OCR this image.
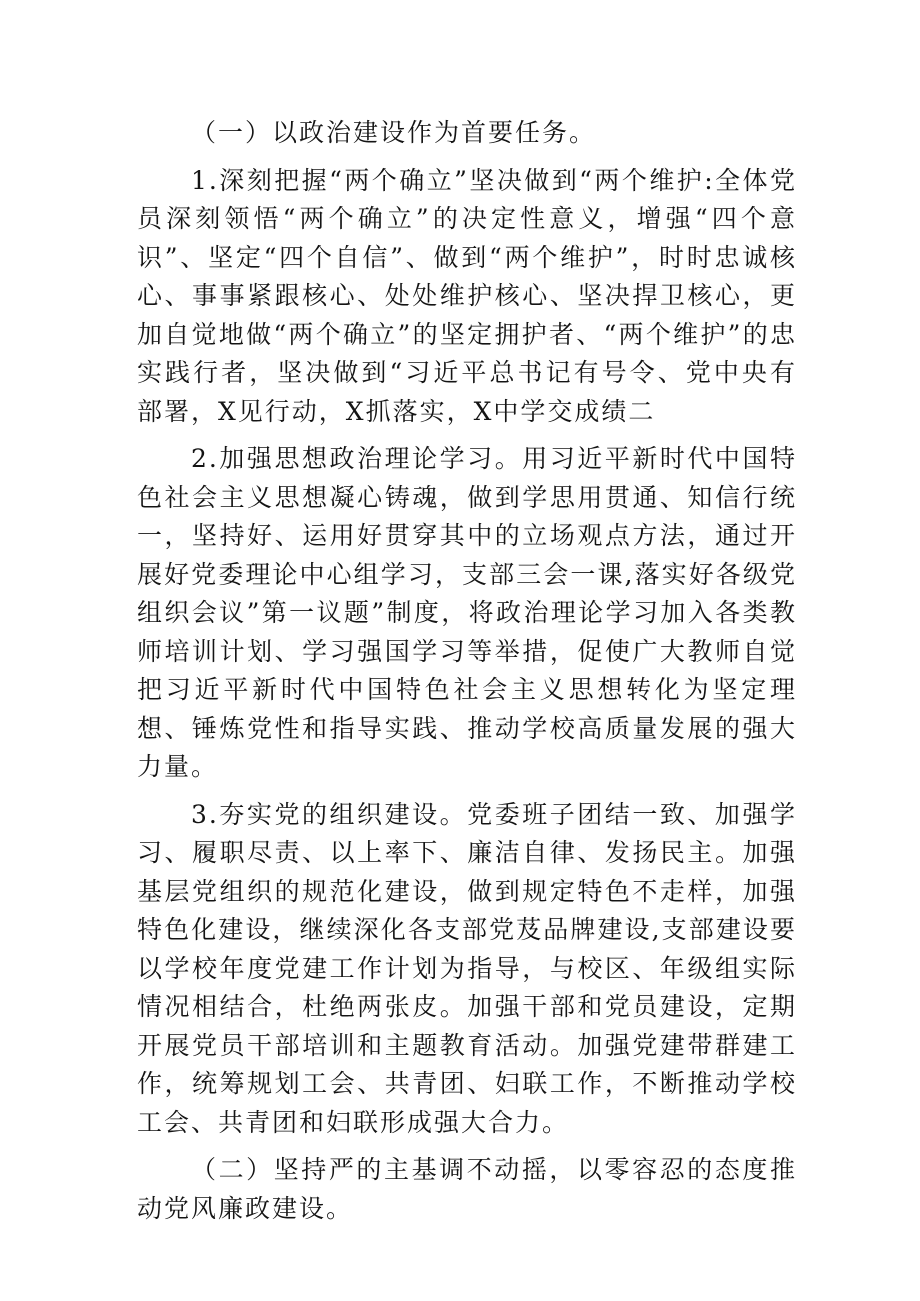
（一）以政治建设作为首要任务。

1.深刻把握“两个确立”坚决做到“两个维护:全体党员深刻领悟“两个确立”的决定性意义，增强“四个意识”、坚定“四个自信”、做到“两个维护”，时时忠诚核心、事事紧跟核心、处处维护核心、坚决捍卫核心，更加自觉地做“两个确立”的坚定拥护者、“两个维护”的忠实践行者，坚决做到“习近平总书记有号令、党中央有部署，X见行动，X抓落实，X中学交成绩二

2.加强思想政治理论学习。用习近平新时代中国特色社会主义思想凝心铸魂，做到学思用贯通、知信行统一，坚持好、运用好贯穿其中的立场观点方法，通过开展好党委理论中心组学习，支部三会一课,落实好各级党组织会议”第一议题”制度，将政治理论学习加入各类教师培训计划、学习强国学习等举措，促使广大教师自觉把习近平新时代中国特色社会主义思想转化为坚定理想、锤炼党性和指导实践、推动学校高质量发展的强大力量。

3.夯实党的组织建设。党委班子团结一致、加强学习、履职尽责、以上率下、廉洁自律、发扬民主。加强基层党组织的规范化建设，做到规定特色不走样，加强特色化建设，继续深化各支部党芨品牌建设,支部建设要以学校年度党建工作计划为指导，与校区、年级组实际情况相结合，杜绝两张皮。加强干部和党员建设，定期开展党员干部培训和主题教育活动。加强党建带群建工作，统筹规划工会、共青团、妇联工作，不断推动学校工会、共青团和妇联形成强大合力。

（二）坚持严的主基调不动摇，以零容忍的态度推动党风廉政建设。
